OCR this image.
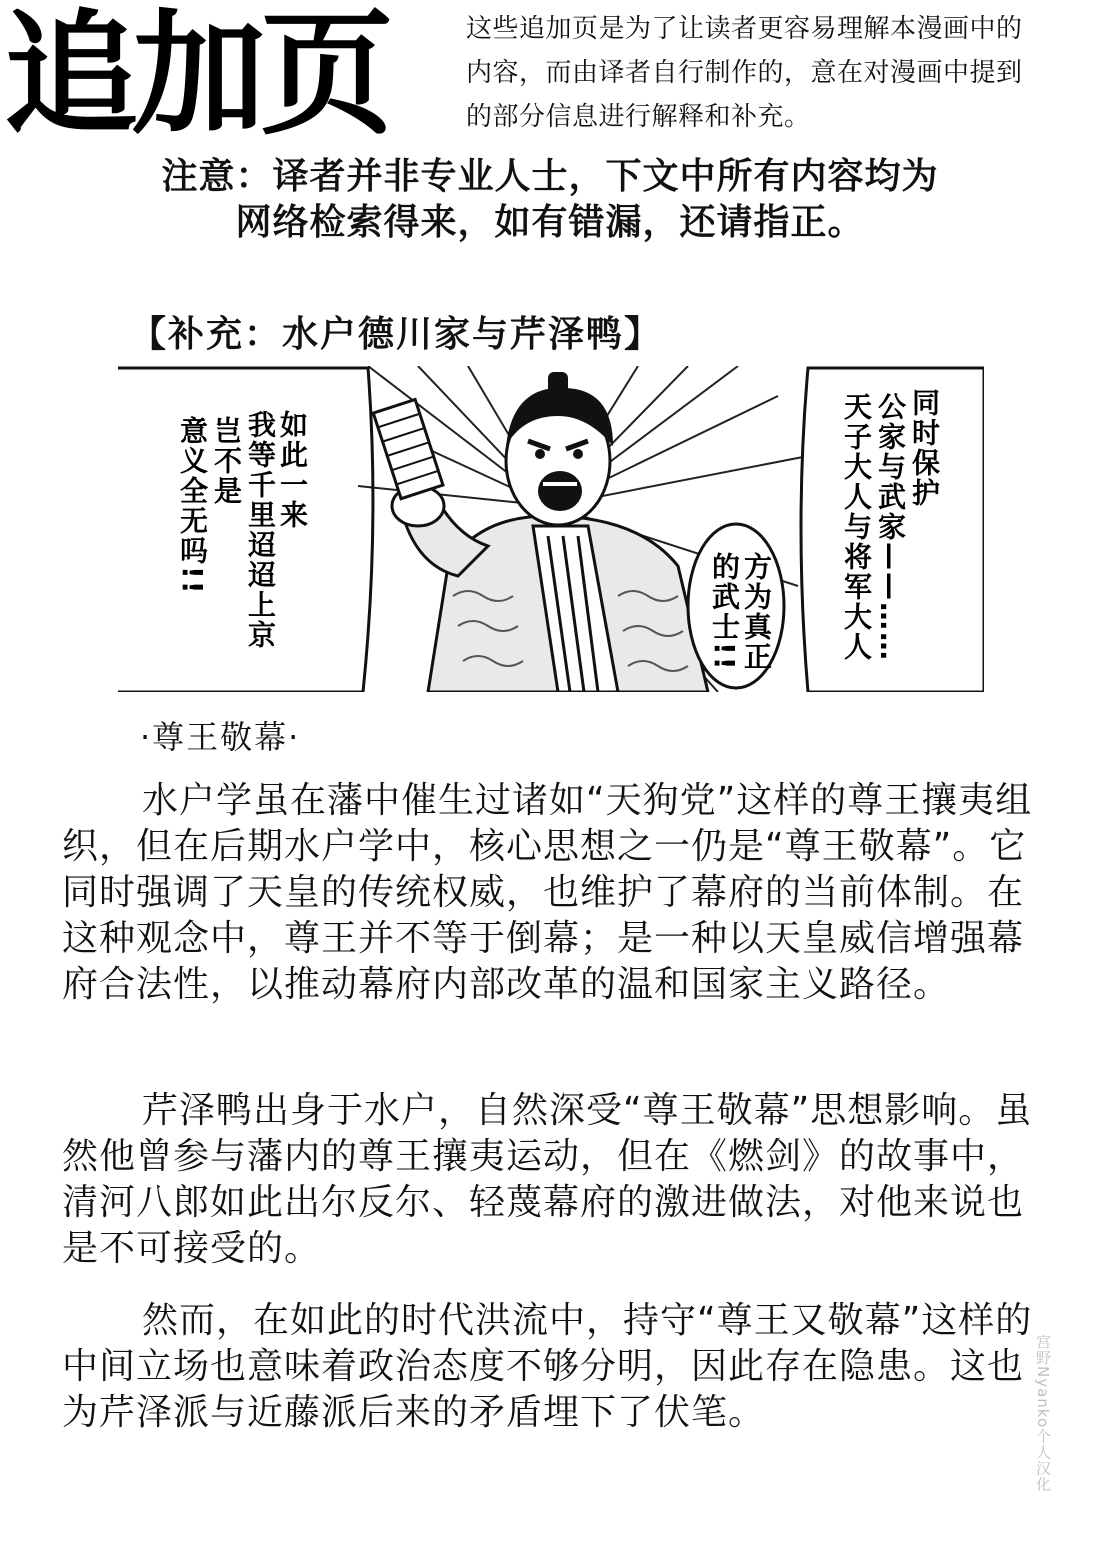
追加页	这些追加页是为了让读者更容易理解本漫画中的
内容，而由译者自行制作的，意在对漫画中提到
的部分信息进行解释和补充。
注意：译者并非专业人士，下文中所有内容均为
网络检索得来，如有错漏，还请指正。
【补充：水户德川家与芹泽鸭】
如此一来
我等千里迢迢上京
岂不是
意义全无吗!!	同时保护
公家与武家——……
天子大人与将军大人
方为真正
的武士!!
·尊王敬幕·
水户学虽在藩中催生过诸如“天狗党”这样的尊王攘夷组织，但在后期水户学中，核心思想之一仍是“尊王敬幕”。它同时强调了天皇的传统权威，也维护了幕府的当前体制。在这种观念中，尊王并不等于倒幕；是一种以天皇威信增强幕府合法性，以推动幕府内部改革的温和国家主义路径。
芹泽鸭出身于水户，自然深受“尊王敬幕”思想影响。虽然他曾参与藩内的尊王攘夷运动，但在《燃剑》的故事中，清河八郎如此出尔反尔、轻蔑幕府的激进做法，对他来说也是不可接受的。
然而，在如此的时代洪流中，持守“尊王又敬幕”这样的中间立场也意味着政治态度不够分明，因此存在隐患。这也为芹泽派与近藤派后来的矛盾埋下了伏笔。	宫野Nyanko个人汉化
